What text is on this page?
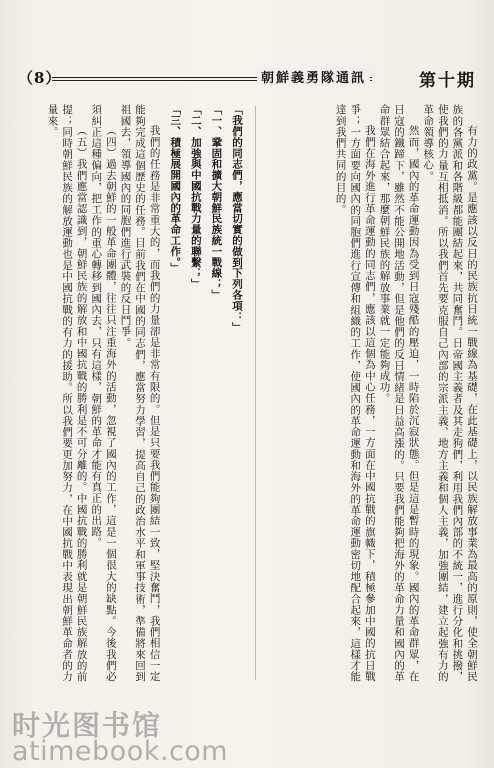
（8）	朝鮮義勇隊通訊	第十期

有力的政黨。是應該以反日的民族抗日統一戰線為基礎，在此基礎上，以民族解放事業為最高的原則，使全朝鮮民族的各黨派和各階級都能團結起來，共同奮鬥。日帝國主義者及其走狗們，利用我們內部的不統一，進行分化和挑撥，使我們的力量互相抵消。所以我們首先要克服自己內部的宗派主義、地方主義和個人主義，加強團結，建立起強有力的革命領導核心。

然而，國內的革命運動因為受到日寇殘酷的壓迫，一時陷於沉寂狀態。但是這是暫時的現象。國內的革命群眾，在日寇的鐵蹄下，雖然不能公開地活動，但是他們的反日情緒是日益高漲的。只要我們能夠把海外的革命力量和國內的革命群眾結合起來，那麼朝鮮民族的解放事業就一定能夠成功。

我們在海外進行革命運動的同志們，應該以這個為中心任務，一方面在中國抗戰的旗幟下，積極參加中國的抗日戰爭；一方面要向國內的同胞們進行宣傳和組織的工作，使國內的革命運動和海外的革命運動密切地配合起來，這樣才能達到我們共同的目的。

「我們的同志們，應當切實的做到下列各項：」

「一、鞏固和擴大朝鮮民族統一戰線；」

「二、加強與中國抗戰力量的聯繫；」

「三、積極展開國內的革命工作。」

我們的任務是非常重大的，而我們的力量卻是非常有限的。但是只要我們能夠團結一致，堅決奮鬥，我們相信一定能夠完成這個歷史的任務。目前我們在中國的同志們，應當努力學習，提高自己的政治水平和軍事技術，準備將來回到祖國去，領導國內的同胞們進行武裝的反日鬥爭。

（四）過去朝鮮的一般革命團體，往往只注重海外的活動，忽視了國內的工作，這是一個很大的缺點。今後我們必須糾正這種偏向，把工作的重心轉移到國內去，只有這樣，朝鮮的革命才能有真正的出路。

（五）我們應當認識到，朝鮮民族的解放和中國抗戰的勝利是不可分離的。中國抗戰的勝利就是朝鮮民族解放的前提；同時朝鮮民族的解放運動也是中國抗戰的有力的援助。所以我們要更加努力，在中國抗戰中表現出朝鮮革命者的力量來。

时光图书馆
atimebook.com
